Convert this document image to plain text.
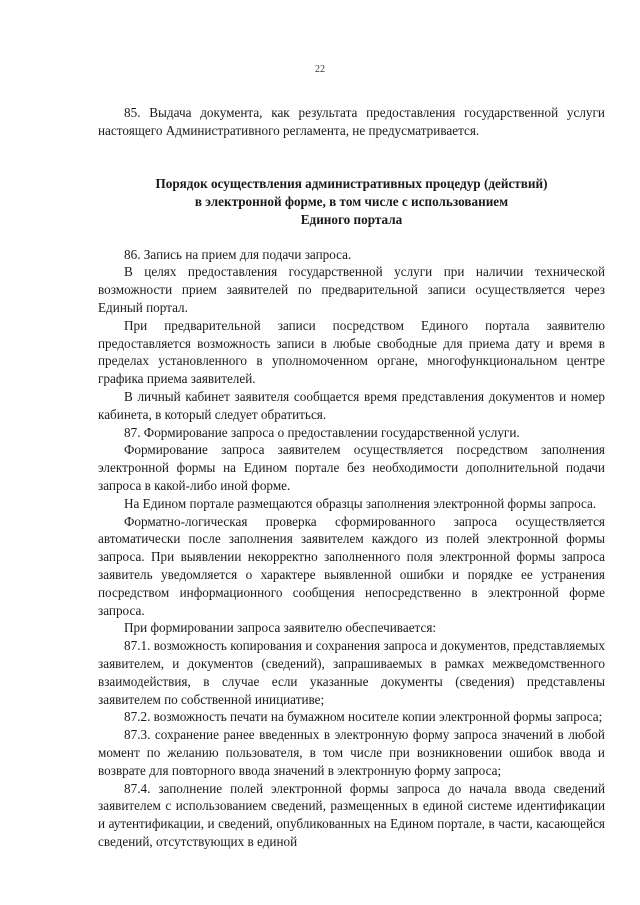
22

85. Выдача документа, как результата предоставления государственной услуги настоящего Административного регламента, не предусматривается.

Порядок осуществления административных процедур (действий)
в электронной форме, в том числе с использованием
Единого портала

86. Запись на прием для подачи запроса.

В целях предоставления государственной услуги при наличии технической возможности прием заявителей по предварительной записи осуществляется через Единый портал.

При предварительной записи посредством Единого портала заявителю предоставляется возможность записи в любые свободные для приема дату и время в пределах установленного в уполномоченном органе, многофункциональном центре графика приема заявителей.

В личный кабинет заявителя сообщается время представления документов и номер кабинета, в который следует обратиться.

87. Формирование запроса о предоставлении государственной услуги.

Формирование запроса заявителем осуществляется посредством заполнения электронной формы на Едином портале без необходимости дополнительной подачи запроса в какой-либо иной форме.

На Едином портале размещаются образцы заполнения электронной формы запроса.

Форматно-логическая проверка сформированного запроса осуществляется автоматически после заполнения заявителем каждого из полей электронной формы запроса. При выявлении некорректно заполненного поля электронной формы запроса заявитель уведомляется о характере выявленной ошибки и порядке ее устранения посредством информационного сообщения непосредственно в электронной форме запроса.

При формировании запроса заявителю обеспечивается:

87.1. возможность копирования и сохранения запроса и документов, представляемых заявителем, и документов (сведений), запрашиваемых в рамках межведомственного взаимодействия, в случае если указанные документы (сведения) представлены заявителем по собственной инициативе;

87.2. возможность печати на бумажном носителе копии электронной формы запроса;

87.3. сохранение ранее введенных в электронную форму запроса значений в любой момент по желанию пользователя, в том числе при возникновении ошибок ввода и возврате для повторного ввода значений в электронную форму запроса;

87.4. заполнение полей электронной формы запроса до начала ввода сведений заявителем с использованием сведений, размещенных в единой системе идентификации и аутентификации, и сведений, опубликованных на Едином портале, в части, касающейся сведений, отсутствующих в единой
